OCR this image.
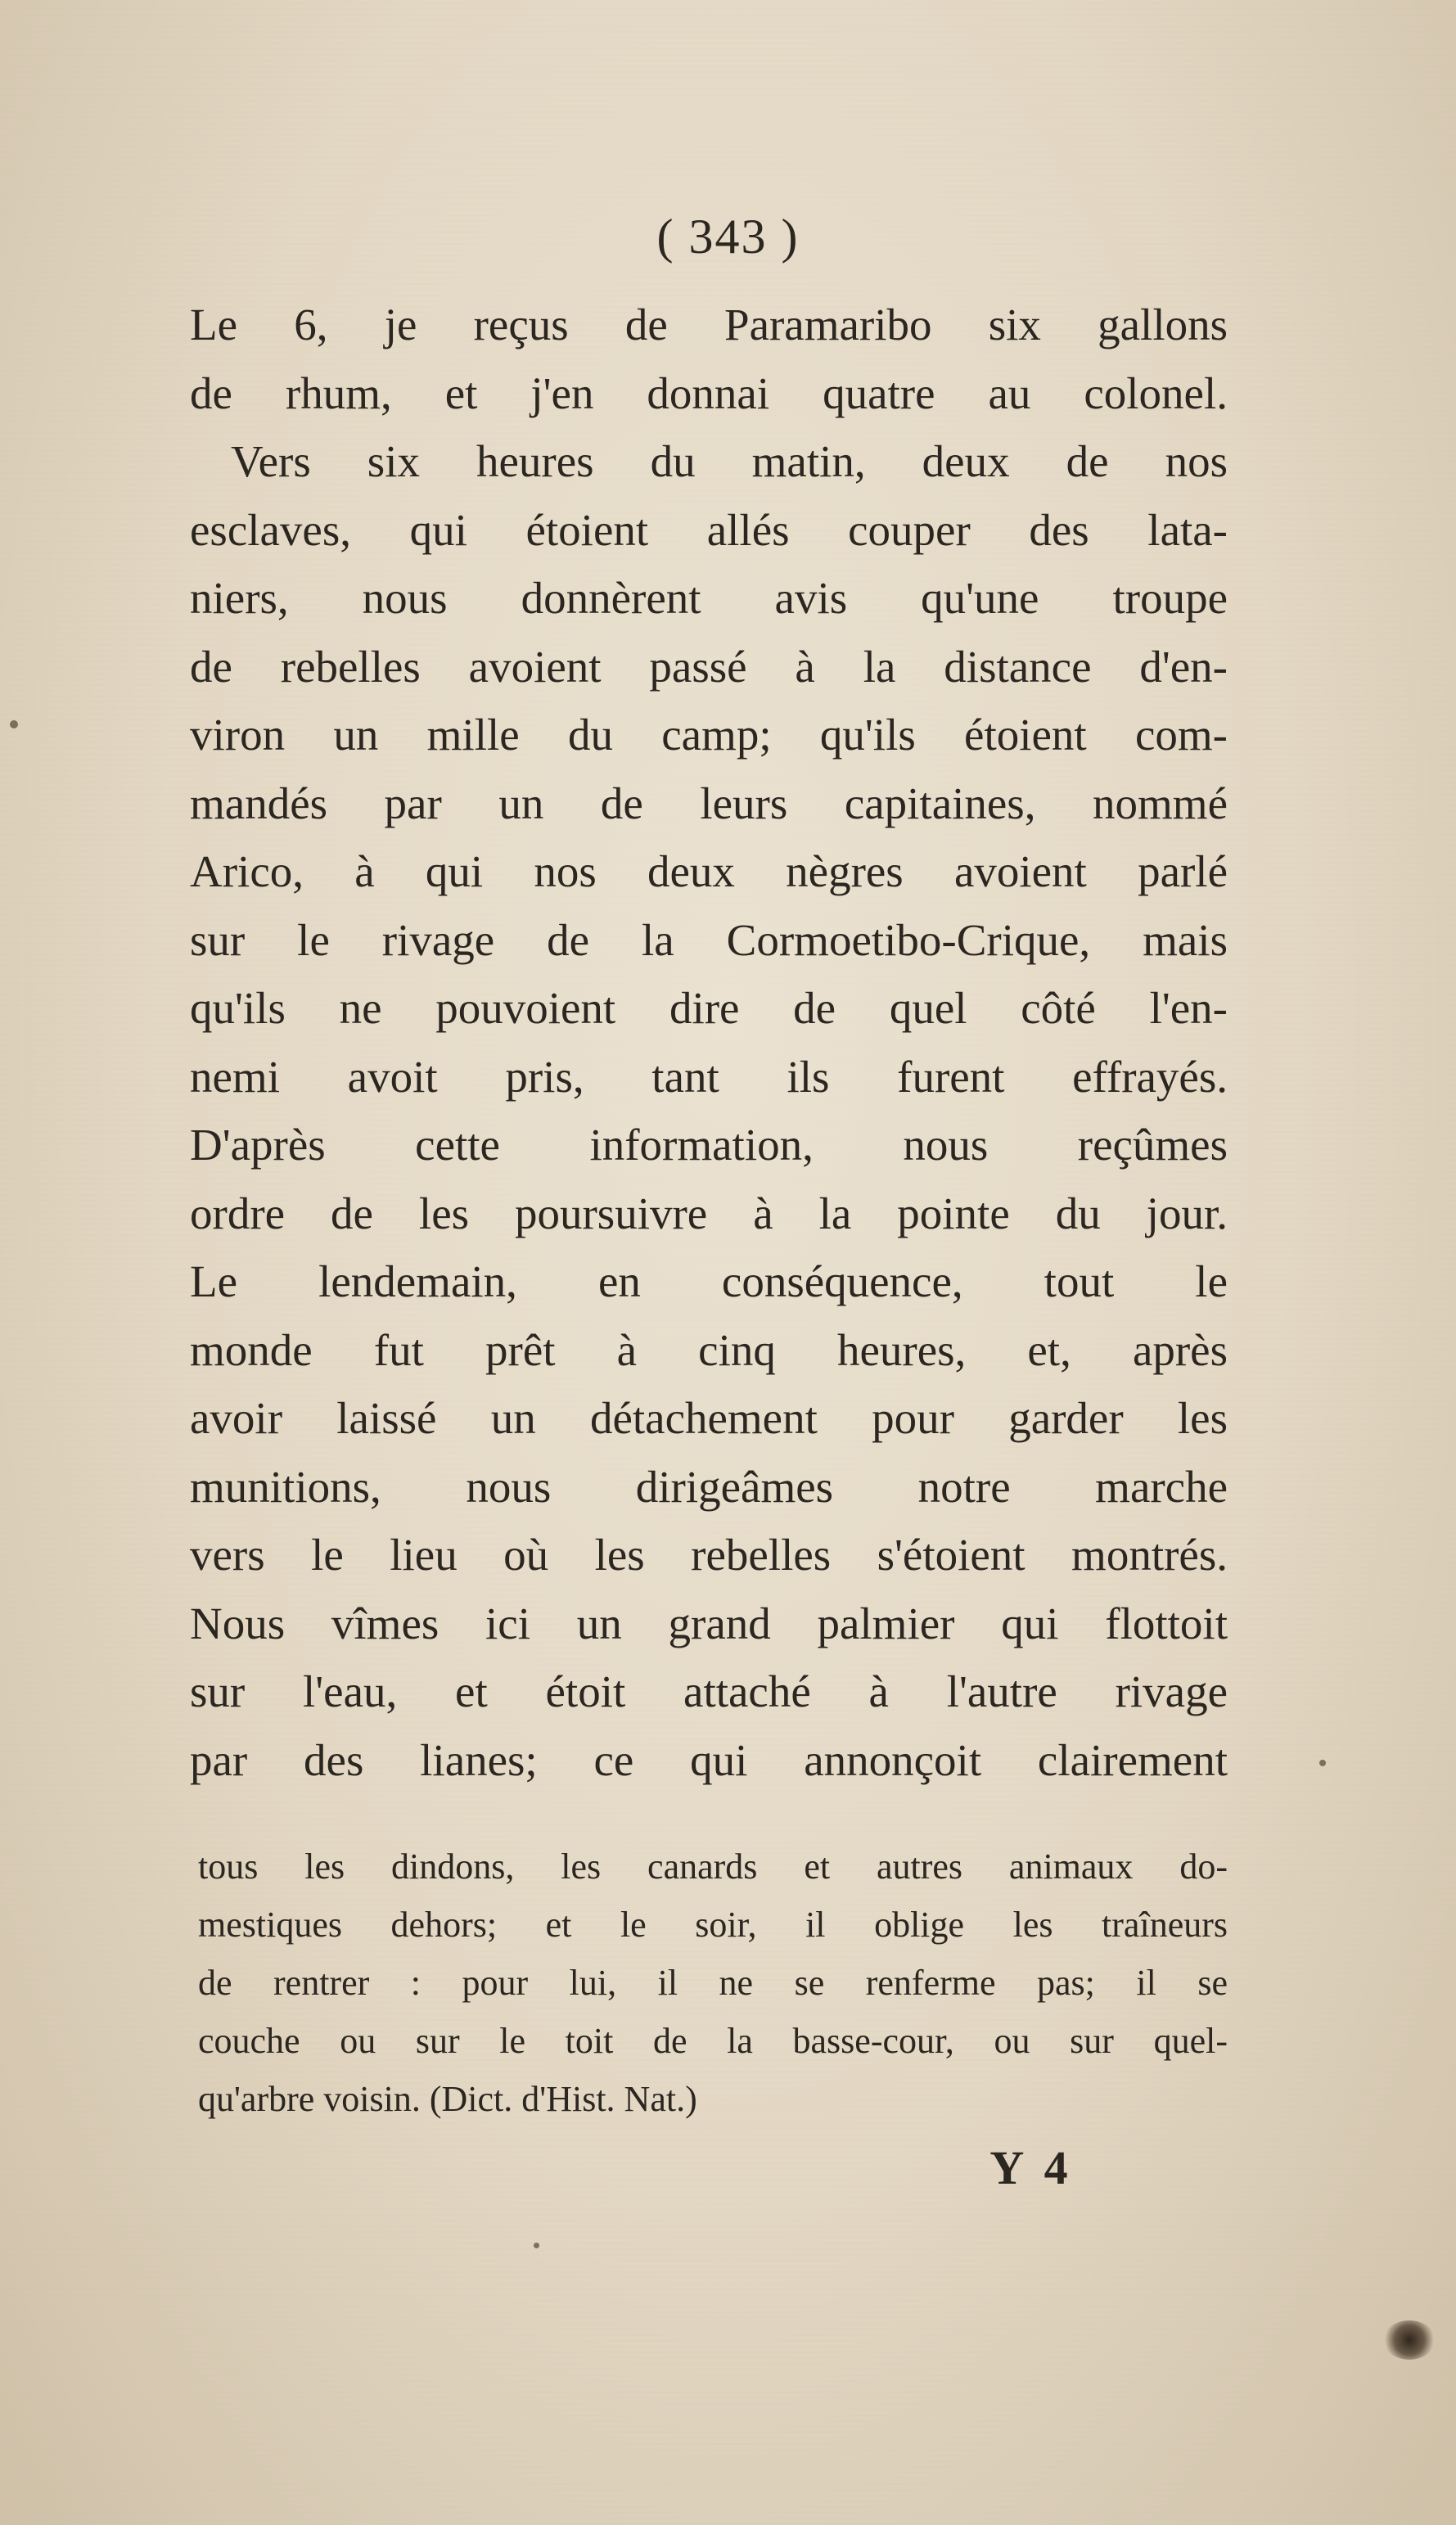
( 343 )
Le 6, je reçus de Paramaribo six gallons
de rhum, et j'en donnai quatre au colonel.
Vers six heures du matin, deux de nos
esclaves, qui étoient allés couper des lata-
niers, nous donnèrent avis qu'une troupe
de rebelles avoient passé à la distance d'en-
viron un mille du camp; qu'ils étoient com-
mandés par un de leurs capitaines, nommé
Arico, à qui nos deux nègres avoient parlé
sur le rivage de la Cormoetibo-Crique, mais
qu'ils ne pouvoient dire de quel côté l'en-
nemi avoit pris, tant ils furent effrayés.
D'après cette information, nous reçûmes
ordre de les poursuivre à la pointe du jour.
Le lendemain, en conséquence, tout le
monde fut prêt à cinq heures, et, après
avoir laissé un détachement pour garder les
munitions, nous dirigeâmes notre marche
vers le lieu où les rebelles s'étoient montrés.
Nous vîmes ici un grand palmier qui flottoit
sur l'eau, et étoit attaché à l'autre rivage
par des lianes; ce qui annonçoit clairement
tous les dindons, les canards et autres animaux do-
mestiques dehors; et le soir, il oblige les traîneurs
de rentrer : pour lui, il ne se renferme pas; il se
couche ou sur le toit de la basse-cour, ou sur quel-
qu'arbre voisin. (Dict. d'Hist. Nat.)
Y 4
